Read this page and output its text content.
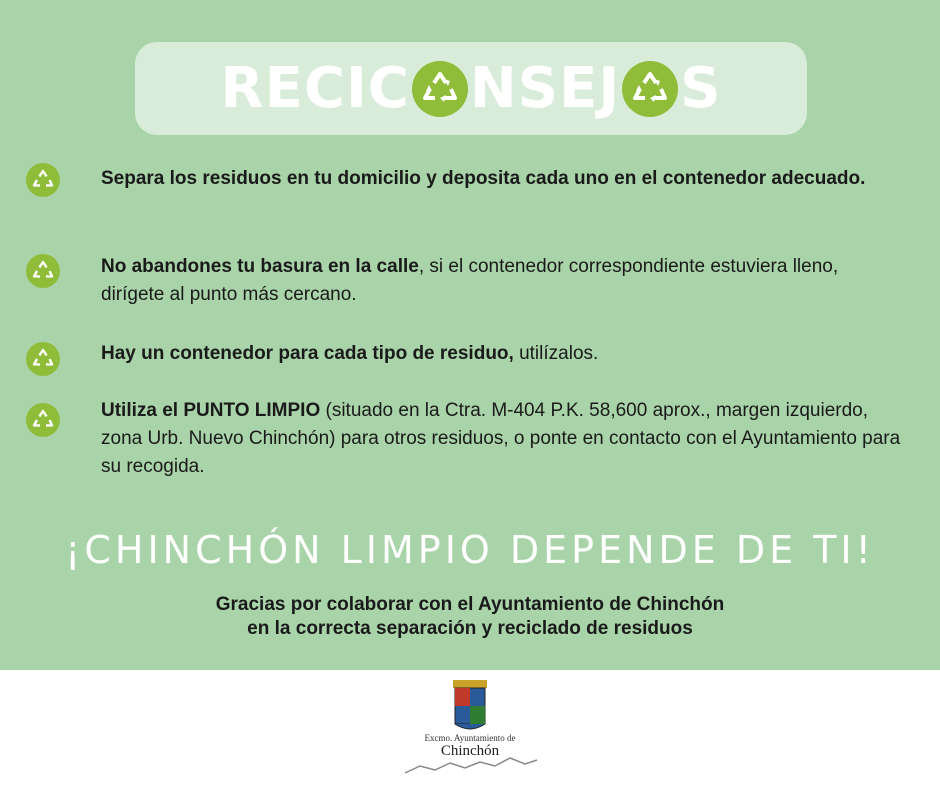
RECIC NSEJ S
Separa los residuos en tu domicilio y deposita cada uno en el contenedor adecuado.
No abandones tu basura en la calle, si el contenedor correspondiente estuviera lleno, dirígete al punto más cercano.
Hay un contenedor para cada tipo de residuo, utilízalos.
Utiliza el PUNTO LIMPIO (situado en la Ctra. M-404 P.K. 58,600 aprox., margen izquierdo, zona Urb. Nuevo Chinchón) para otros residuos, o ponte en contacto con el Ayuntamiento para su recogida.
¡CHINCHÓN LIMPIO DEPENDE DE TI!
Gracias por colaborar con el Ayuntamiento de Chinchón
en la correcta separación y reciclado de residuos
Excmo. Ayuntamiento de
Chinchón
